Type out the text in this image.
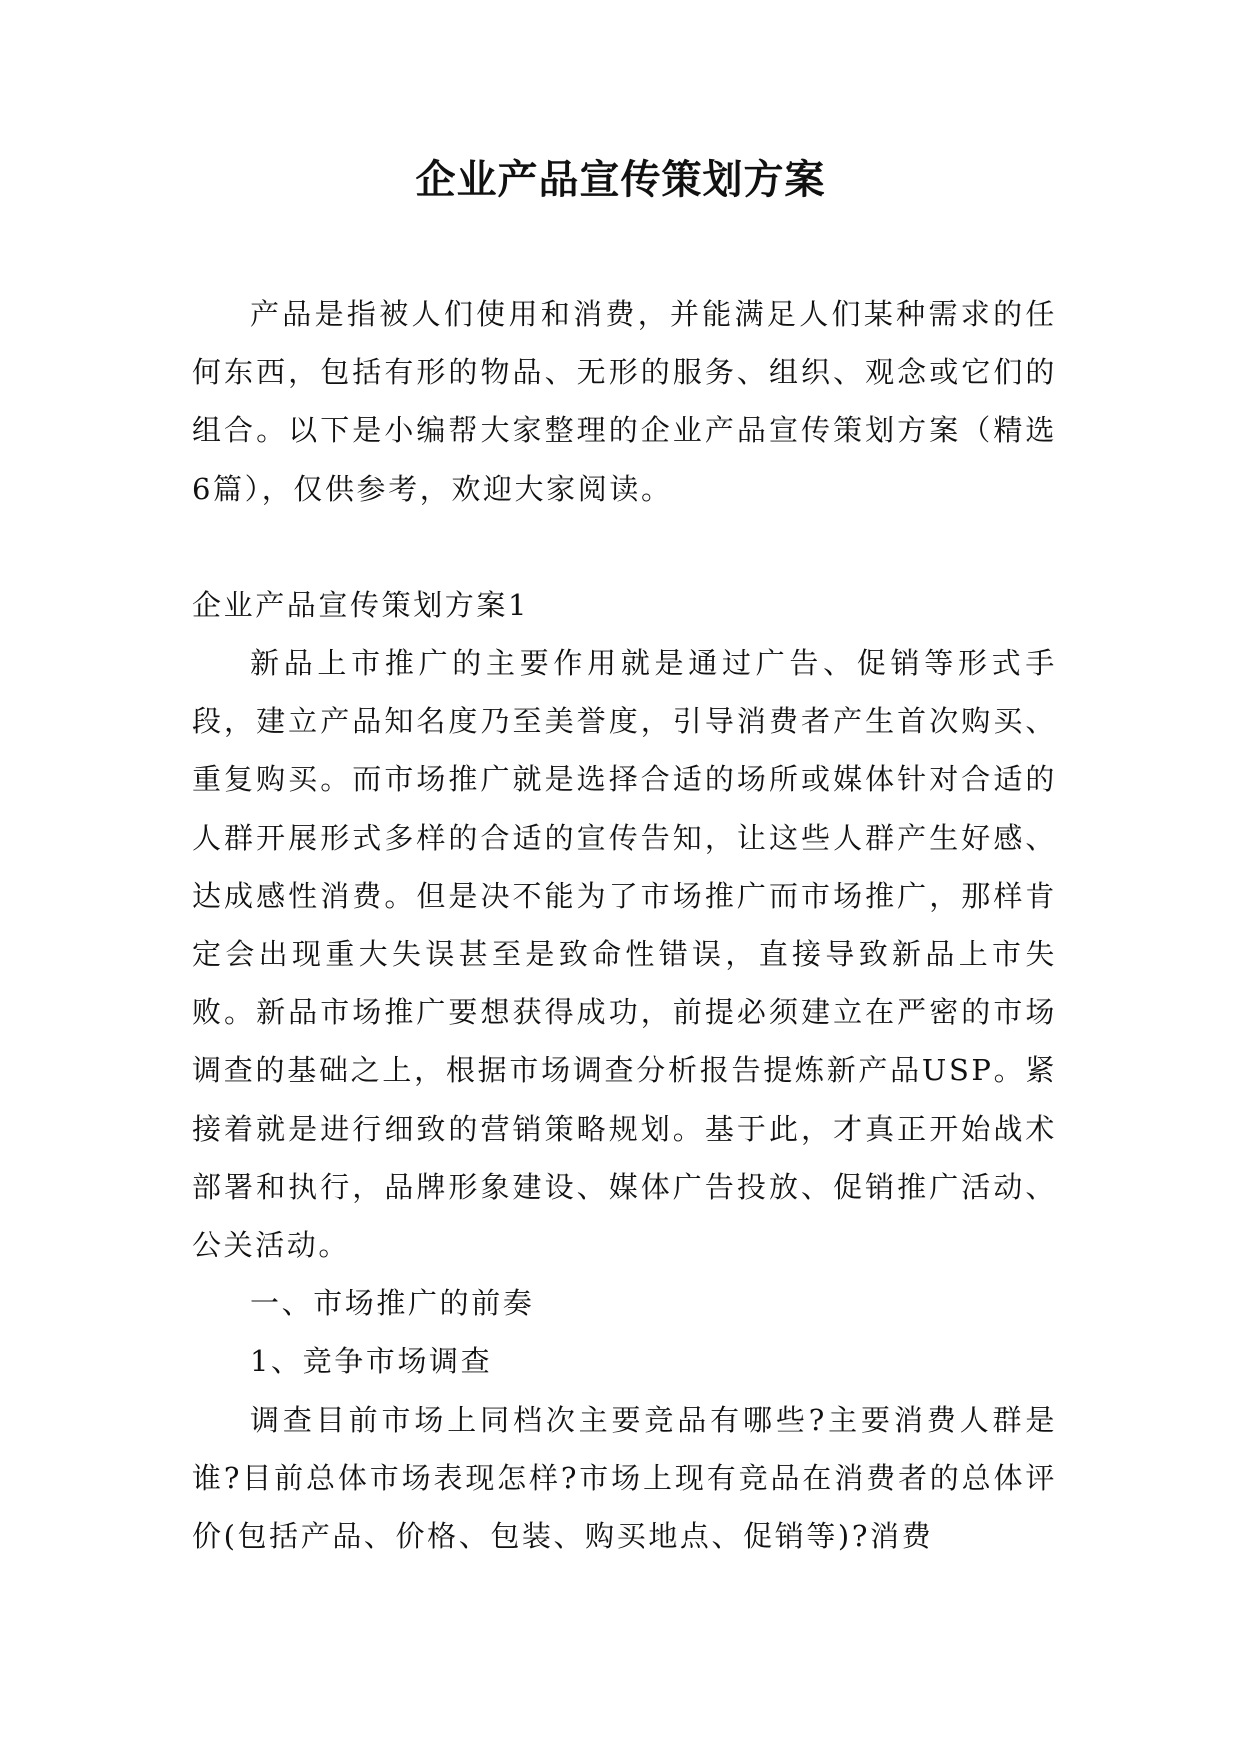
企业产品宣传策划方案

产品是指被人们使用和消费，并能满足人们某种需求的任何东西，包括有形的物品、无形的服务、组织、观念或它们的组合。以下是小编帮大家整理的企业产品宣传策划方案（精选6篇），仅供参考，欢迎大家阅读。

企业产品宣传策划方案1

新品上市推广的主要作用就是通过广告、促销等形式手段，建立产品知名度乃至美誉度，引导消费者产生首次购买、重复购买。而市场推广就是选择合适的场所或媒体针对合适的人群开展形式多样的合适的宣传告知，让这些人群产生好感、达成感性消费。但是决不能为了市场推广而市场推广，那样肯定会出现重大失误甚至是致命性错误，直接导致新品上市失败。新品市场推广要想获得成功，前提必须建立在严密的市场调查的基础之上，根据市场调查分析报告提炼新产品USP。紧接着就是进行细致的营销策略规划。基于此，才真正开始战术部署和执行，品牌形象建设、媒体广告投放、促销推广活动、公关活动。

一、市场推广的前奏

1、竞争市场调查

调查目前市场上同档次主要竞品有哪些?主要消费人群是谁?目前总体市场表现怎样?市场上现有竞品在消费者的总体评价(包括产品、价格、包装、购买地点、促销等)?消费
